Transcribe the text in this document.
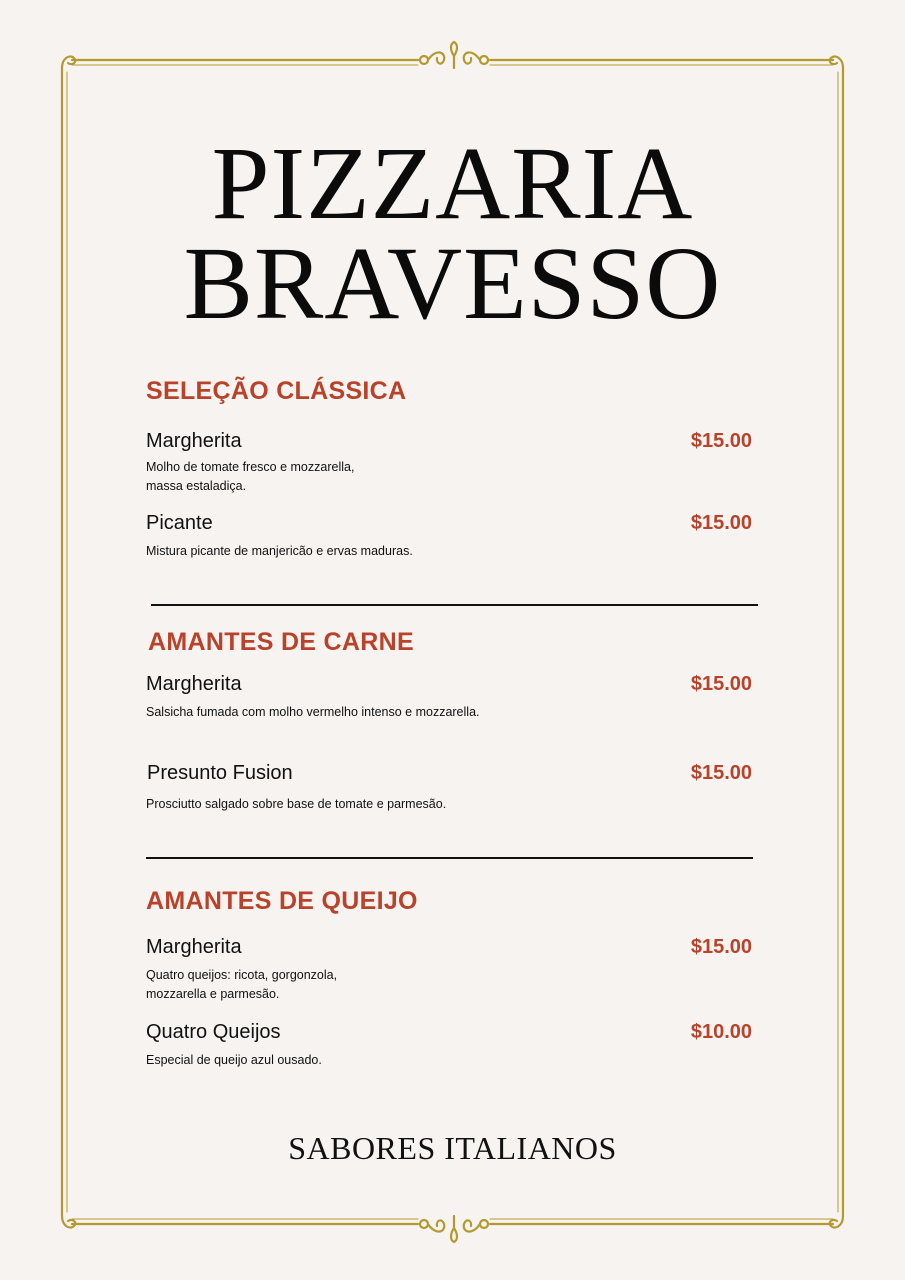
PIZZARIA
BRAVESSO
SELEÇÃO CLÁSSICA

Margherita	$15.00

Molho de tomate fresco e mozzarella,
massa estaladiça.

Picante	$15.00

Mistura picante de manjericão e ervas maduras.

AMANTES DE CARNE

Margherita	$15.00

Salsicha fumada com molho vermelho intenso e mozzarella.

Presunto Fusion	$15.00

Prosciutto salgado sobre base de tomate e parmesão.

AMANTES DE QUEIJO

Margherita	$15.00

Quatro queijos: ricota, gorgonzola,
mozzarella e parmesão.

Quatro Queijos	$10.00

Especial de queijo azul ousado.

SABORES ITALIANOS
